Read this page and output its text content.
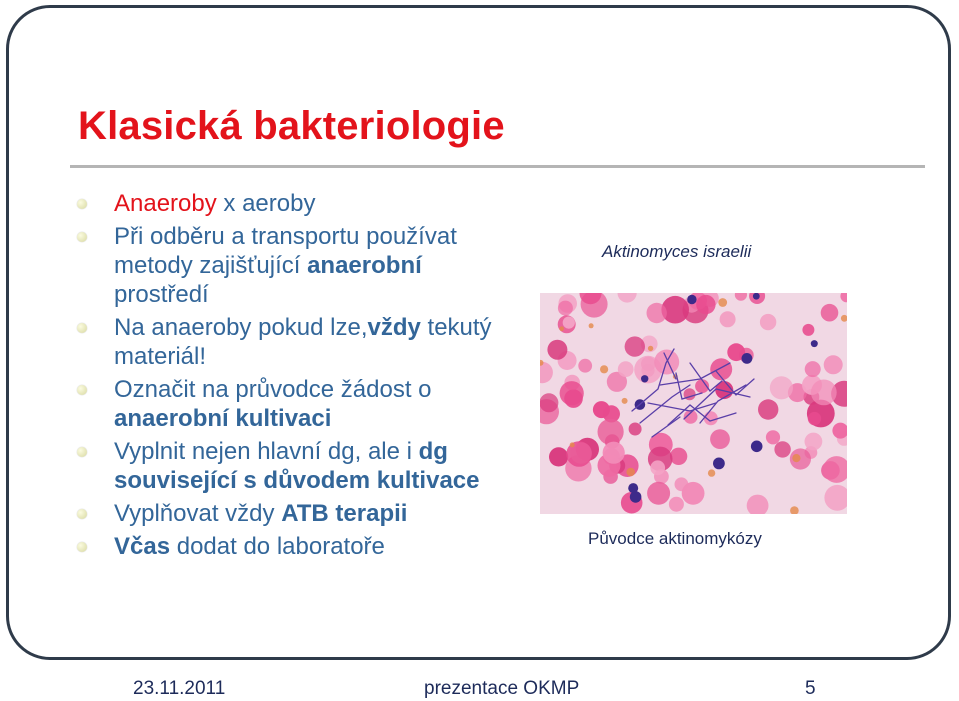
Klasická bakteriologie
Anaeroby x aeroby
Při odběru a transportu používat metody zajišťující anaerobní prostředí
Na anaeroby pokud lze,vždy tekutý materiál!
Označit na průvodce žádost o anaerobní kultivaci
Vyplnit nejen hlavní dg, ale i dg související s důvodem kultivace
Vyplňovat vždy ATB terapii
Včas dodat do laboratoře

Aktinomyces israelii

Původce aktinomykózy

23.11.2011	prezentace OKMP	5
